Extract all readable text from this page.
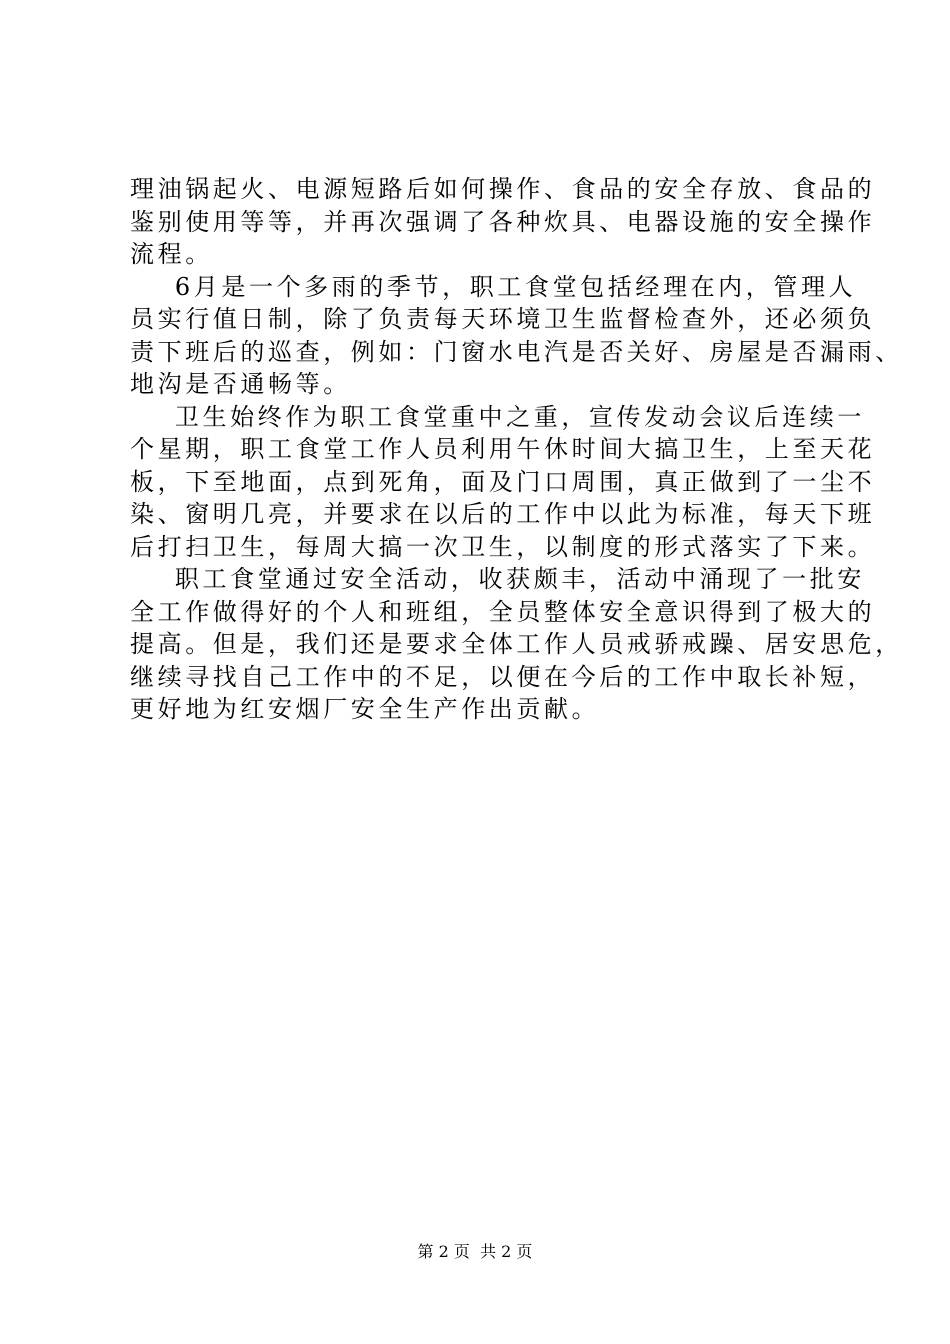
理油锅起火、电源短路后如何操作、食品的安全存放、食品的
鉴别使用等等，并再次强调了各种炊具、电器设施的安全操作
流程。
6月是一个多雨的季节，职工食堂包括经理在内，管理人
员实行值日制，除了负责每天环境卫生监督检查外，还必须负
责下班后的巡查，例如：门窗水电汽是否关好、房屋是否漏雨、
地沟是否通畅等。
卫生始终作为职工食堂重中之重，宣传发动会议后连续一
个星期，职工食堂工作人员利用午休时间大搞卫生，上至天花
板，下至地面，点到死角，面及门口周围，真正做到了一尘不
染、窗明几亮，并要求在以后的工作中以此为标准，每天下班
后打扫卫生，每周大搞一次卫生，以制度的形式落实了下来。
职工食堂通过安全活动，收获颇丰，活动中涌现了一批安
全工作做得好的个人和班组，全员整体安全意识得到了极大的
提高。但是，我们还是要求全体工作人员戒骄戒躁、居安思危，
继续寻找自己工作中的不足，以便在今后的工作中取长补短，
更好地为红安烟厂安全生产作出贡献。
第 2 页  共 2 页
